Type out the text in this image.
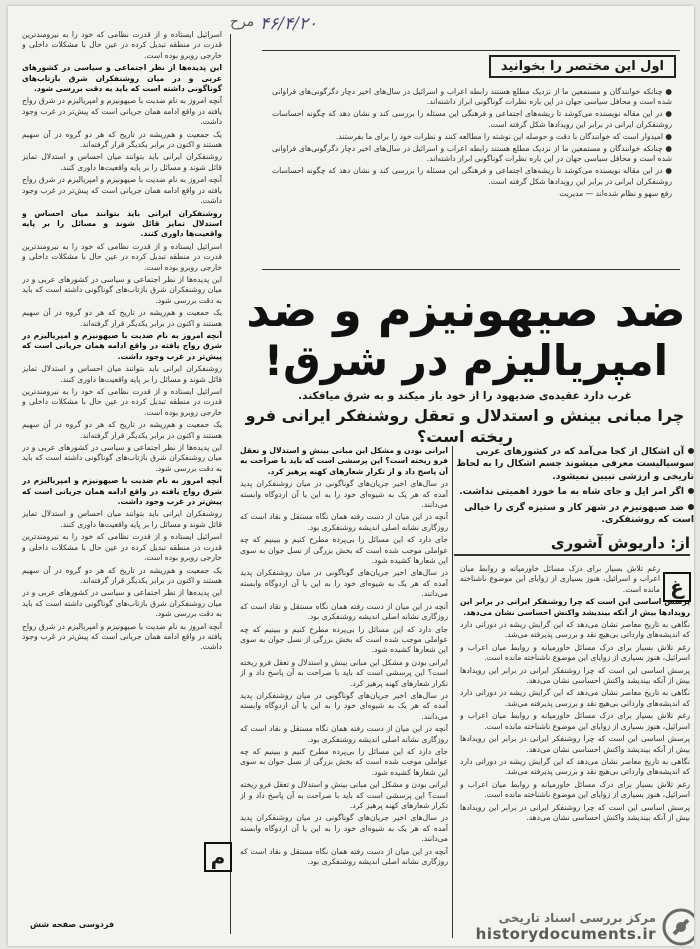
مرح ۴۶/۴/۲۰

اسرائیل ایستاده و از قدرت نظامی که خود را به نیرومندترین قدرت در منطقه تبدیل کرده در عین حال با مشکلات داخلی و خارجی روبرو بوده است.

این پدیده‌ها از نظر اجتماعی و سیاسی در کشورهای عربی و در میان روشنفکران شرق بازتاب‌های گوناگونی داشته است که باید به دقت بررسی شود.

آنچه امروز به نام ضدیت با صیهونیزم و امپریالیزم در شرق رواج یافته در واقع ادامه همان جریانی است که پیش‌تر در غرب وجود داشت.

یک جمعیت و هم‌ریشه در تاریخ که هر دو گروه در آن سهیم هستند و اکنون در برابر یکدیگر قرار گرفته‌اند.

روشنفکران ایرانی باید بتوانند میان احساس و استدلال تمایز قائل شوند و مسائل را بر پایه واقعیت‌ها داوری کنند.

آنچه امروز به نام ضدیت با صیهونیزم و امپریالیزم در شرق رواج یافته در واقع ادامه همان جریانی است که پیش‌تر در غرب وجود داشت.

روشنفکران ایرانی باید بتوانند میان احساس و استدلال تمایز قائل شوند و مسائل را بر پایه واقعیت‌ها داوری کنند.

اسرائیل ایستاده و از قدرت نظامی که خود را به نیرومندترین قدرت در منطقه تبدیل کرده در عین حال با مشکلات داخلی و خارجی روبرو بوده است.

این پدیده‌ها از نظر اجتماعی و سیاسی در کشورهای عربی و در میان روشنفکران شرق بازتاب‌های گوناگونی داشته است که باید به دقت بررسی شود.

یک جمعیت و هم‌ریشه در تاریخ که هر دو گروه در آن سهیم هستند و اکنون در برابر یکدیگر قرار گرفته‌اند.

آنچه امروز به نام ضدیت با صیهونیزم و امپریالیزم در شرق رواج یافته در واقع ادامه همان جریانی است که پیش‌تر در غرب وجود داشت.

روشنفکران ایرانی باید بتوانند میان احساس و استدلال تمایز قائل شوند و مسائل را بر پایه واقعیت‌ها داوری کنند.

اسرائیل ایستاده و از قدرت نظامی که خود را به نیرومندترین قدرت در منطقه تبدیل کرده در عین حال با مشکلات داخلی و خارجی روبرو بوده است.

یک جمعیت و هم‌ریشه در تاریخ که هر دو گروه در آن سهیم هستند و اکنون در برابر یکدیگر قرار گرفته‌اند.

این پدیده‌ها از نظر اجتماعی و سیاسی در کشورهای عربی و در میان روشنفکران شرق بازتاب‌های گوناگونی داشته است که باید به دقت بررسی شود.

آنچه امروز به نام ضدیت با صیهونیزم و امپریالیزم در شرق رواج یافته در واقع ادامه همان جریانی است که پیش‌تر در غرب وجود داشت.

روشنفکران ایرانی باید بتوانند میان احساس و استدلال تمایز قائل شوند و مسائل را بر پایه واقعیت‌ها داوری کنند.

اسرائیل ایستاده و از قدرت نظامی که خود را به نیرومندترین قدرت در منطقه تبدیل کرده در عین حال با مشکلات داخلی و خارجی روبرو بوده است.

یک جمعیت و هم‌ریشه در تاریخ که هر دو گروه در آن سهیم هستند و اکنون در برابر یکدیگر قرار گرفته‌اند.

این پدیده‌ها از نظر اجتماعی و سیاسی در کشورهای عربی و در میان روشنفکران شرق بازتاب‌های گوناگونی داشته است که باید به دقت بررسی شود.

آنچه امروز به نام ضدیت با صیهونیزم و امپریالیزم در شرق رواج یافته در واقع ادامه همان جریانی است که پیش‌تر در غرب وجود داشت.

اول این مختصر را بخوانید

● چنانکه خوانندگان و مستمعین ما از نزدیک مطلع هستند رابطه اعراب و اسرائیل در سال‌های اخیر دچار دگرگونی‌های فراوانی شده است و محافل سیاسی جهان در این باره نظرات گوناگونی ابراز داشته‌اند.

● در این مقاله نویسنده می‌کوشد تا ریشه‌های اجتماعی و فرهنگی این مسئله را بررسی کند و نشان دهد که چگونه احساسات روشنفکران ایرانی در برابر این رویدادها شکل گرفته است.

● امیدوار است که خوانندگان با دقت و حوصله این نوشته را مطالعه کنند و نظرات خود را برای ما بفرستند.

● چنانکه خوانندگان و مستمعین ما از نزدیک مطلع هستند رابطه اعراب و اسرائیل در سال‌های اخیر دچار دگرگونی‌های فراوانی شده است و محافل سیاسی جهان در این باره نظرات گوناگونی ابراز داشته‌اند.

● در این مقاله نویسنده می‌کوشد تا ریشه‌های اجتماعی و فرهنگی این مسئله را بررسی کند و نشان دهد که چگونه احساسات روشنفکران ایرانی در برابر این رویدادها شکل گرفته است.

رفع سهو و نظام شده‌اند — مدیریت

ضد صیهونیزم و ضد
امپریالیزم در شرق!
غرب دارد عقیده‌ی ضدیهود را از خود باز میکند و به شرق میافکند.
چرا مبانی بینش و استدلال و تعقل روشنفکر ایرانی فرو ریخته است؟
آن اشکال از کجا می‌آمد که در کشورهای عربی سوسیالیست معرفی میشوند جسم اشکال را به لحاظ تاریخی و ارزشی تبیین نمیشود.
اگر امر ایل و جای شاه به ما خورد اهمیتی نداشت.
ضد صیهونیزم در شهر کار و ستیزه گری را خیالی است که روشنفکری.
از: داریوش آشوری

ایرانی بودن و مشکل این مبانی بینش و استدلال و تعقل فرو ریخته است؟ این پرسشی است که باید با صراحت به آن پاسخ داد و از تکرار شعارهای کهنه پرهیز کرد.

در سال‌های اخیر جریان‌های گوناگونی در میان روشنفکران پدید آمده که هر یک به شیوه‌ای خود را به این یا آن اردوگاه وابسته می‌دانند.

آنچه در این میان از دست رفته همان نگاه مستقل و نقاد است که روزگاری نشانه اصلی اندیشه روشنفکری بود.

جای دارد که این مسائل را بی‌پرده مطرح کنیم و ببینیم که چه عواملی موجب شده است که بخش بزرگی از نسل جوان به سوی این شعارها کشیده شود.

در سال‌های اخیر جریان‌های گوناگونی در میان روشنفکران پدید آمده که هر یک به شیوه‌ای خود را به این یا آن اردوگاه وابسته می‌دانند.

آنچه در این میان از دست رفته همان نگاه مستقل و نقاد است که روزگاری نشانه اصلی اندیشه روشنفکری بود.

جای دارد که این مسائل را بی‌پرده مطرح کنیم و ببینیم که چه عواملی موجب شده است که بخش بزرگی از نسل جوان به سوی این شعارها کشیده شود.

ایرانی بودن و مشکل این مبانی بینش و استدلال و تعقل فرو ریخته است؟ این پرسشی است که باید با صراحت به آن پاسخ داد و از تکرار شعارهای کهنه پرهیز کرد.

در سال‌های اخیر جریان‌های گوناگونی در میان روشنفکران پدید آمده که هر یک به شیوه‌ای خود را به این یا آن اردوگاه وابسته می‌دانند.

آنچه در این میان از دست رفته همان نگاه مستقل و نقاد است که روزگاری نشانه اصلی اندیشه روشنفکری بود.

جای دارد که این مسائل را بی‌پرده مطرح کنیم و ببینیم که چه عواملی موجب شده است که بخش بزرگی از نسل جوان به سوی این شعارها کشیده شود.

ایرانی بودن و مشکل این مبانی بینش و استدلال و تعقل فرو ریخته است؟ این پرسشی است که باید با صراحت به آن پاسخ داد و از تکرار شعارهای کهنه پرهیز کرد.

در سال‌های اخیر جریان‌های گوناگونی در میان روشنفکران پدید آمده که هر یک به شیوه‌ای خود را به این یا آن اردوگاه وابسته می‌دانند.

آنچه در این میان از دست رفته همان نگاه مستقل و نقاد است که روزگاری نشانه اصلی اندیشه روشنفکری بود.

غ

رغم تلاش بسیار برای درک مسائل خاورمیانه و روابط میان اعراب و اسرائیل، هنوز بسیاری از زوایای این موضوع ناشناخته مانده است.

پرسش اساسی این است که چرا روشنفکر ایرانی در برابر این رویدادها بیش از آنکه بیندیشد واکنش احساسی نشان می‌دهد.

نگاهی به تاریخ معاصر نشان می‌دهد که این گرایش ریشه در دورانی دارد که اندیشه‌های وارداتی بی‌هیچ نقد و بررسی پذیرفته می‌شد.

رغم تلاش بسیار برای درک مسائل خاورمیانه و روابط میان اعراب و اسرائیل، هنوز بسیاری از زوایای این موضوع ناشناخته مانده است.

پرسش اساسی این است که چرا روشنفکر ایرانی در برابر این رویدادها بیش از آنکه بیندیشد واکنش احساسی نشان می‌دهد.

نگاهی به تاریخ معاصر نشان می‌دهد که این گرایش ریشه در دورانی دارد که اندیشه‌های وارداتی بی‌هیچ نقد و بررسی پذیرفته می‌شد.

رغم تلاش بسیار برای درک مسائل خاورمیانه و روابط میان اعراب و اسرائیل، هنوز بسیاری از زوایای این موضوع ناشناخته مانده است.

پرسش اساسی این است که چرا روشنفکر ایرانی در برابر این رویدادها بیش از آنکه بیندیشد واکنش احساسی نشان می‌دهد.

نگاهی به تاریخ معاصر نشان می‌دهد که این گرایش ریشه در دورانی دارد که اندیشه‌های وارداتی بی‌هیچ نقد و بررسی پذیرفته می‌شد.

رغم تلاش بسیار برای درک مسائل خاورمیانه و روابط میان اعراب و اسرائیل، هنوز بسیاری از زوایای این موضوع ناشناخته مانده است.

پرسش اساسی این است که چرا روشنفکر ایرانی در برابر این رویدادها بیش از آنکه بیندیشد واکنش احساسی نشان می‌دهد.

م
فردوسی صفحه شش	مرکز بررسی اسناد تاریخی
historydocuments.ir
